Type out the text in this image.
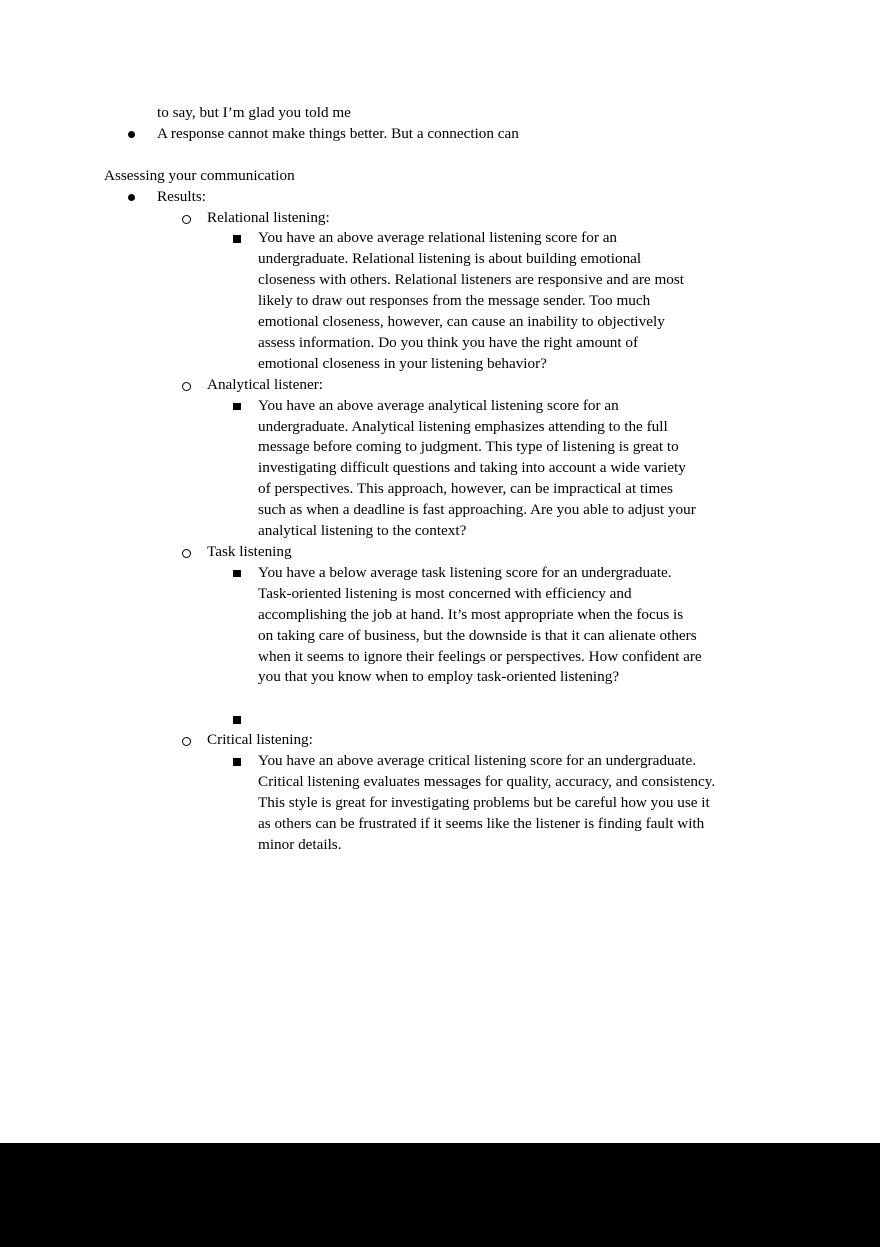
to say, but I’m glad you told me
A response cannot make things better. But a connection can
Assessing your communication
Results:
Relational listening:
You have an above average relational listening score for an
undergraduate. Relational listening is about building emotional
closeness with others. Relational listeners are responsive and are most
likely to draw out responses from the message sender. Too much
emotional closeness, however, can cause an inability to objectively
assess information. Do you think you have the right amount of
emotional closeness in your listening behavior?
Analytical listener:
You have an above average analytical listening score for an
undergraduate. Analytical listening emphasizes attending to the full
message before coming to judgment. This type of listening is great to
investigating difficult questions and taking into account a wide variety
of perspectives. This approach, however, can be impractical at times
such as when a deadline is fast approaching. Are you able to adjust your
analytical listening to the context?
Task listening
You have a below average task listening score for an undergraduate.
Task-oriented listening is most concerned with efficiency and
accomplishing the job at hand. It’s most appropriate when the focus is
on taking care of business, but the downside is that it can alienate others
when it seems to ignore their feelings or perspectives. How confident are
you that you know when to employ task-oriented listening?
Critical listening:
You have an above average critical listening score for an undergraduate.
Critical listening evaluates messages for quality, accuracy, and consistency.
This style is great for investigating problems but be careful how you use it
as others can be frustrated if it seems like the listener is finding fault with
minor details.
